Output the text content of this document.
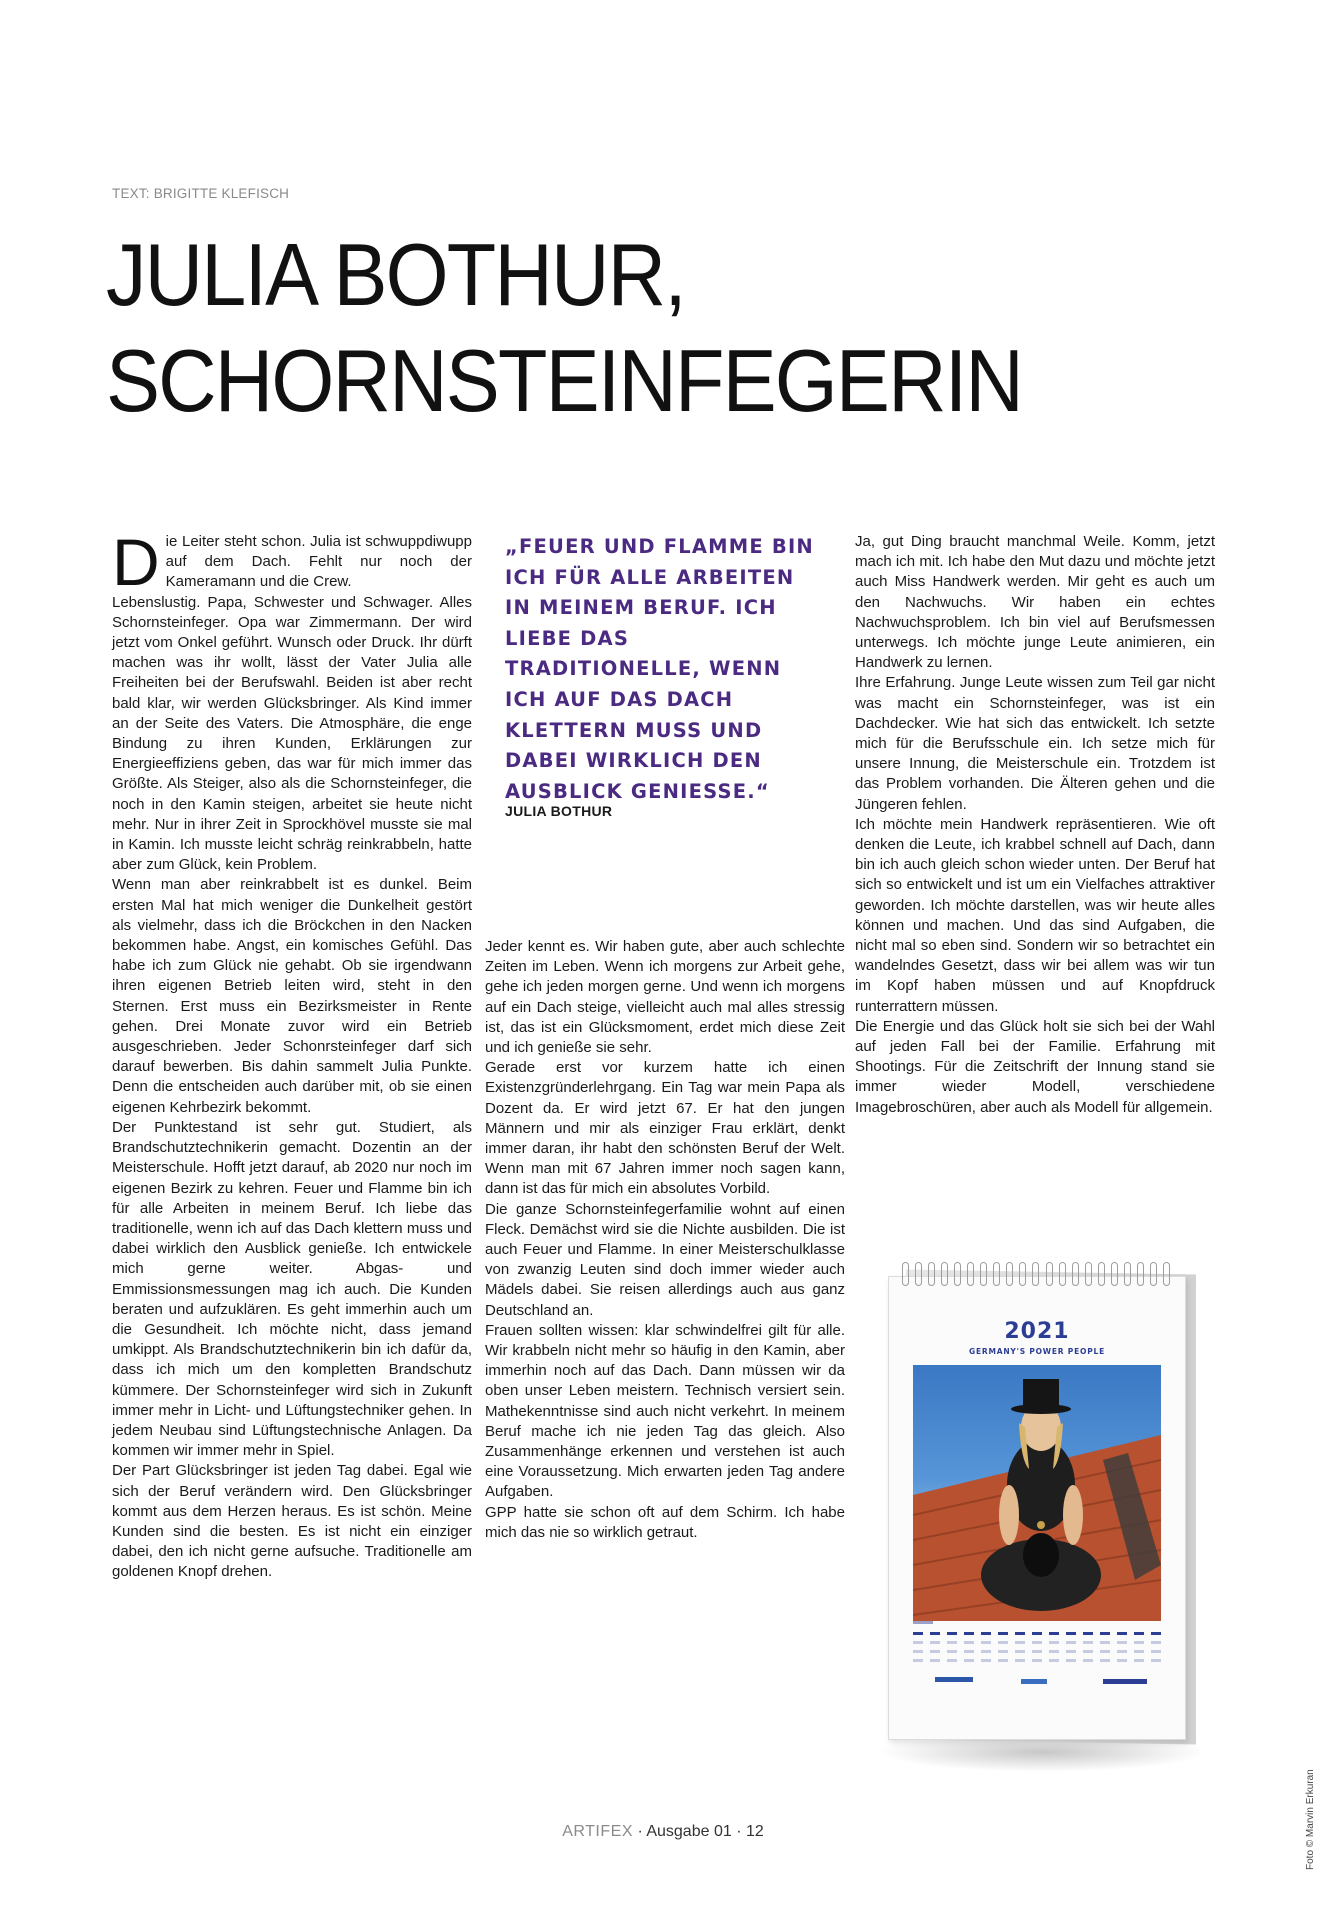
TEXT: BRIGITTE KLEFISCH
JULIA BOTHUR,
SCHORNSTEINFEGERIN
D ie Leiter steht schon. Julia ist schwuppdiwupp auf dem Dach. Fehlt nur noch der Kameramann und die Crew.

Lebenslustig. Papa, Schwester und Schwager. Alles Schornsteinfeger. Opa war Zimmermann. Der wird jetzt vom Onkel geführt. Wunsch oder Druck. Ihr dürft machen was ihr wollt, lässt der Vater Julia alle Freiheiten bei der Berufswahl. Beiden ist aber recht bald klar, wir werden Glücksbringer. Als Kind immer an der Seite des Vaters. Die Atmosphäre, die enge Bindung zu ihren Kunden, Erklärungen zur Energieeffiziens geben, das war für mich immer das Größte. Als Steiger, also als die Schornsteinfeger, die noch in den Kamin steigen, arbeitet sie heute nicht mehr. Nur in ihrer Zeit in Sprockhövel musste sie mal in Kamin. Ich musste leicht schräg reinkrabbeln, hatte aber zum Glück, kein Problem.

Wenn man aber reinkrabbelt ist es dunkel. Beim ersten Mal hat mich weniger die Dunkelheit gestört als vielmehr, dass ich die Bröckchen in den Nacken bekommen habe. Angst, ein komisches Gefühl. Das habe ich zum Glück nie gehabt. Ob sie irgendwann ihren eigenen Betrieb leiten wird, steht in den Sternen. Erst muss ein Bezirksmeister in Rente gehen. Drei Monate zuvor wird ein Betrieb ausgeschrieben. Jeder Schonrsteinfeger darf sich darauf bewerben. Bis dahin sammelt Julia Punkte. Denn die entscheiden auch darüber mit, ob sie einen eigenen Kehrbezirk bekommt.

Der Punktestand ist sehr gut. Studiert, als Brandschutztechnikerin gemacht. Dozentin an der Meisterschule. Hofft jetzt darauf, ab 2020 nur noch im eigenen Bezirk zu kehren. Feuer und Flamme bin ich für alle Arbeiten in meinem Beruf. Ich liebe das traditionelle, wenn ich auf das Dach klettern muss und dabei wirklich den Ausblick genieße. Ich entwickele mich gerne weiter. Abgas- und Emmissionsmessungen mag ich auch. Die Kunden beraten und aufzuklären. Es geht immerhin auch um die Gesundheit. Ich möchte nicht, dass jemand umkippt. Als Brandschutztechnikerin bin ich dafür da, dass ich mich um den kompletten Brandschutz kümmere. Der Schornsteinfeger wird sich in Zukunft immer mehr in Licht- und Lüftungstechniker gehen. In jedem Neubau sind Lüftungstechnische Anlagen. Da kommen wir immer mehr in Spiel.

Der Part Glücksbringer ist jeden Tag dabei. Egal wie sich der Beruf verändern wird. Den Glücksbringer kommt aus dem Herzen heraus. Es ist schön. Meine Kunden sind die besten. Es ist nicht ein einziger dabei, den ich nicht gerne aufsuche. Traditionelle am goldenen Knopf drehen.

„FEUER UND FLAMME BIN ICH FÜR ALLE ARBEITEN IN MEINEM BERUF. ICH LIEBE DAS TRADITIONELLE, WENN ICH AUF DAS DACH KLETTERN MUSS UND DABEI WIRKLICH DEN AUSBLICK GENIESSE.“
JULIA BOTHUR

Jeder kennt es. Wir haben gute, aber auch schlechte Zeiten im Leben. Wenn ich morgens zur Arbeit gehe, gehe ich jeden morgen gerne. Und wenn ich morgens auf ein Dach steige, vielleicht auch mal alles stressig ist, das ist ein Glücksmoment, erdet mich diese Zeit und ich genieße sie sehr.

Gerade erst vor kurzem hatte ich einen Existenzgründerlehrgang. Ein Tag war mein Papa als Dozent da. Er wird jetzt 67. Er hat den jungen Männern und mir als einziger Frau erklärt, denkt immer daran, ihr habt den schönsten Beruf der Welt. Wenn man mit 67 Jahren immer noch sagen kann, dann ist das für mich ein absolutes Vorbild.

Die ganze Schornsteinfegerfamilie wohnt auf einen Fleck. Demächst wird sie die Nichte ausbilden. Die ist auch Feuer und Flamme. In einer Meisterschulklasse von zwanzig Leuten sind doch immer wieder auch Mädels dabei. Sie reisen allerdings auch aus ganz Deutschland an.

Frauen sollten wissen: klar schwindelfrei gilt für alle. Wir krabbeln nicht mehr so häufig in den Kamin, aber immerhin noch auf das Dach. Dann müssen wir da oben unser Leben meistern. Technisch versiert sein. Mathekenntnisse sind auch nicht verkehrt. In meinem Beruf mache ich nie jeden Tag das gleich. Also Zusammenhänge erkennen und verstehen ist auch eine Voraussetzung. Mich erwarten jeden Tag andere Aufgaben.

GPP hatte sie schon oft auf dem Schirm. Ich habe mich das nie so wirklich getraut.

Ja, gut Ding braucht manchmal Weile. Komm, jetzt mach ich mit. Ich habe den Mut dazu und möchte jetzt auch Miss Handwerk werden. Mir geht es auch um den Nachwuchs. Wir haben ein echtes Nachwuchsproblem. Ich bin viel auf Berufsmessen unterwegs. Ich möchte junge Leute animieren, ein Handwerk zu lernen.

Ihre Erfahrung. Junge Leute wissen zum Teil gar nicht was macht ein Schornsteinfeger, was ist ein Dachdecker. Wie hat sich das entwickelt. Ich setzte mich für die Berufsschule ein. Ich setze mich für unsere Innung, die Meisterschule ein. Trotzdem ist das Problem vorhanden. Die Älteren gehen und die Jüngeren fehlen.

Ich möchte mein Handwerk repräsentieren. Wie oft denken die Leute, ich krabbel schnell auf Dach, dann bin ich auch gleich schon wieder unten. Der Beruf hat sich so entwickelt und ist um ein Vielfaches attraktiver geworden. Ich möchte darstellen, was wir heute alles können und machen. Und das sind Aufgaben, die nicht mal so eben sind. Sondern wir so betrachtet ein wandelndes Gesetzt, dass wir bei allem was wir tun im Kopf haben müssen und auf Knopfdruck runterrattern müssen.

Die Energie und das Glück holt sie sich bei der Wahl auf jeden Fall bei der Familie. Erfahrung mit Shootings. Für die Zeitschrift der Innung stand sie immer wieder Modell, verschiedene Imagebroschüren, aber auch als Modell für allgemein.

2021
GERMANY'S POWER PEOPLE
ARTIFEX · Ausgabe 01 · 12	Foto © Marvin Erkuran
